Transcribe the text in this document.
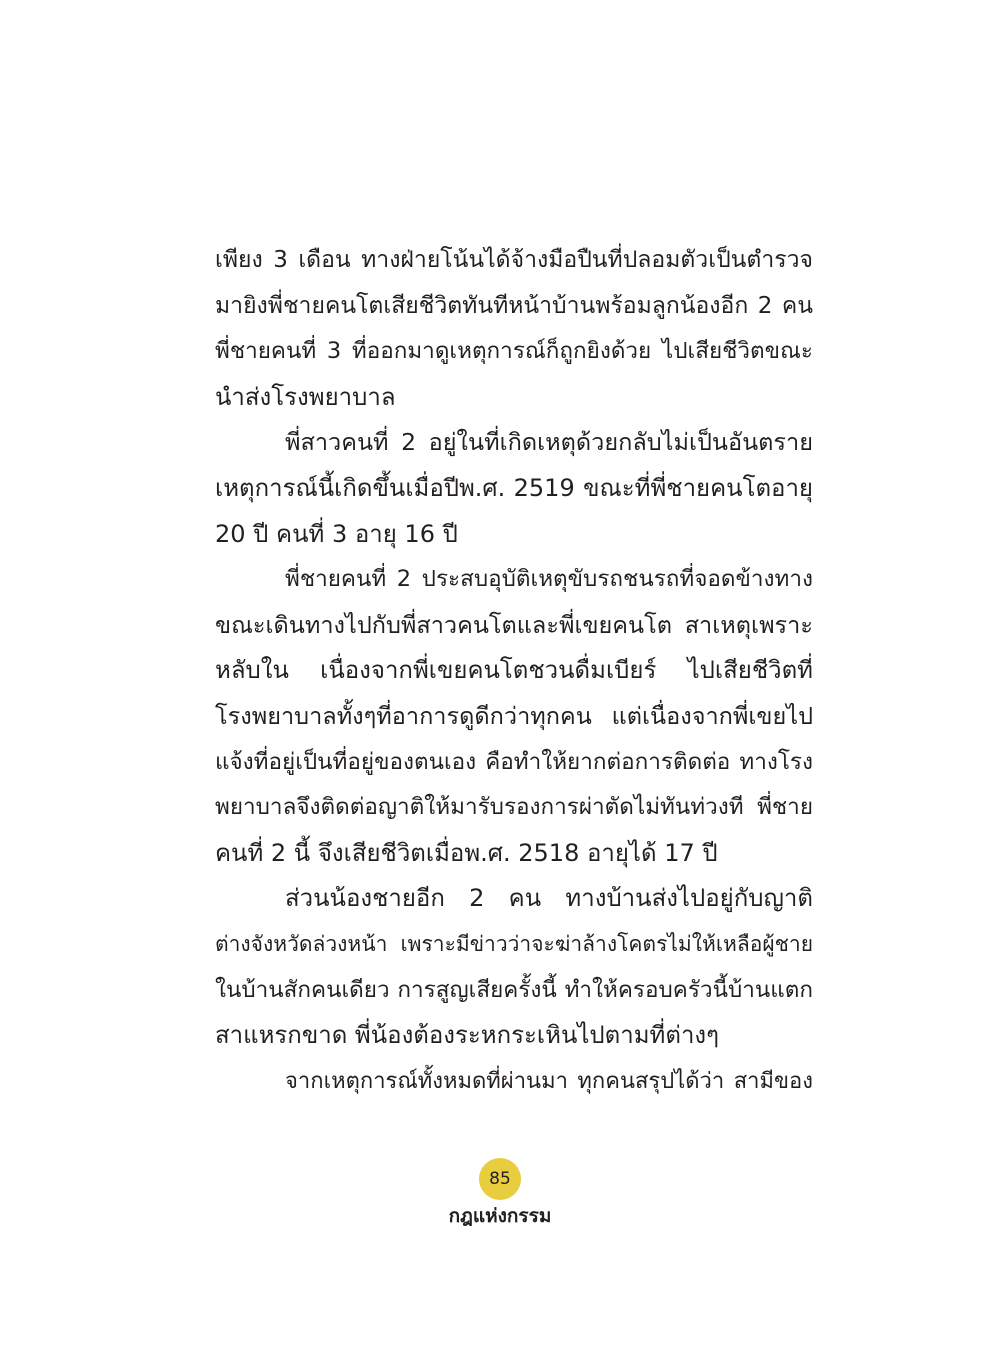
เพียง 3 เดือน ทางฝ่ายโน้นได้จ้างมือปืนที่ปลอมตัวเป็นตำรวจ
มายิงพี่ชายคนโตเสียชีวิตทันทีหน้าบ้านพร้อมลูกน้องอีก 2 คน
พี่ชายคนที่ 3 ที่ออกมาดูเหตุการณ์ก็ถูกยิงด้วย ไปเสียชีวิตขณะ
นำส่งโรงพยาบาล
พี่สาวคนที่ 2 อยู่ในที่เกิดเหตุด้วยกลับไม่เป็นอันตราย
เหตุการณ์นี้เกิดขึ้นเมื่อปีพ.ศ. 2519 ขณะที่พี่ชายคนโตอายุ
20 ปี คนที่ 3 อายุ 16 ปี
พี่ชายคนที่ 2 ประสบอุบัติเหตุขับรถชนรถที่จอดข้างทาง
ขณะเดินทางไปกับพี่สาวคนโตและพี่เขยคนโต สาเหตุเพราะ
หลับใน เนื่องจากพี่เขยคนโตชวนดื่มเบียร์ ไปเสียชีวิตที่
โรงพยาบาลทั้งๆที่อาการดูดีกว่าทุกคน แต่เนื่องจากพี่เขยไป
แจ้งที่อยู่เป็นที่อยู่ของตนเอง คือทำให้ยากต่อการติดต่อ ทางโรง
พยาบาลจึงติดต่อญาติให้มารับรองการผ่าตัดไม่ทันท่วงที พี่ชาย
คนที่ 2 นี้ จึงเสียชีวิตเมื่อพ.ศ. 2518 อายุได้ 17 ปี
ส่วนน้องชายอีก 2 คน ทางบ้านส่งไปอยู่กับญาติ
ต่างจังหวัดล่วงหน้า เพราะมีข่าวว่าจะฆ่าล้างโคตรไม่ให้เหลือผู้ชาย
ในบ้านสักคนเดียว การสูญเสียครั้งนี้ ทำให้ครอบครัวนี้บ้านแตก
สาแหรกขาด พี่น้องต้องระหกระเหินไปตามที่ต่างๆ
จากเหตุการณ์ทั้งหมดที่ผ่านมา ทุกคนสรุปได้ว่า สามีของ
85
กฎแห่งกรรม
